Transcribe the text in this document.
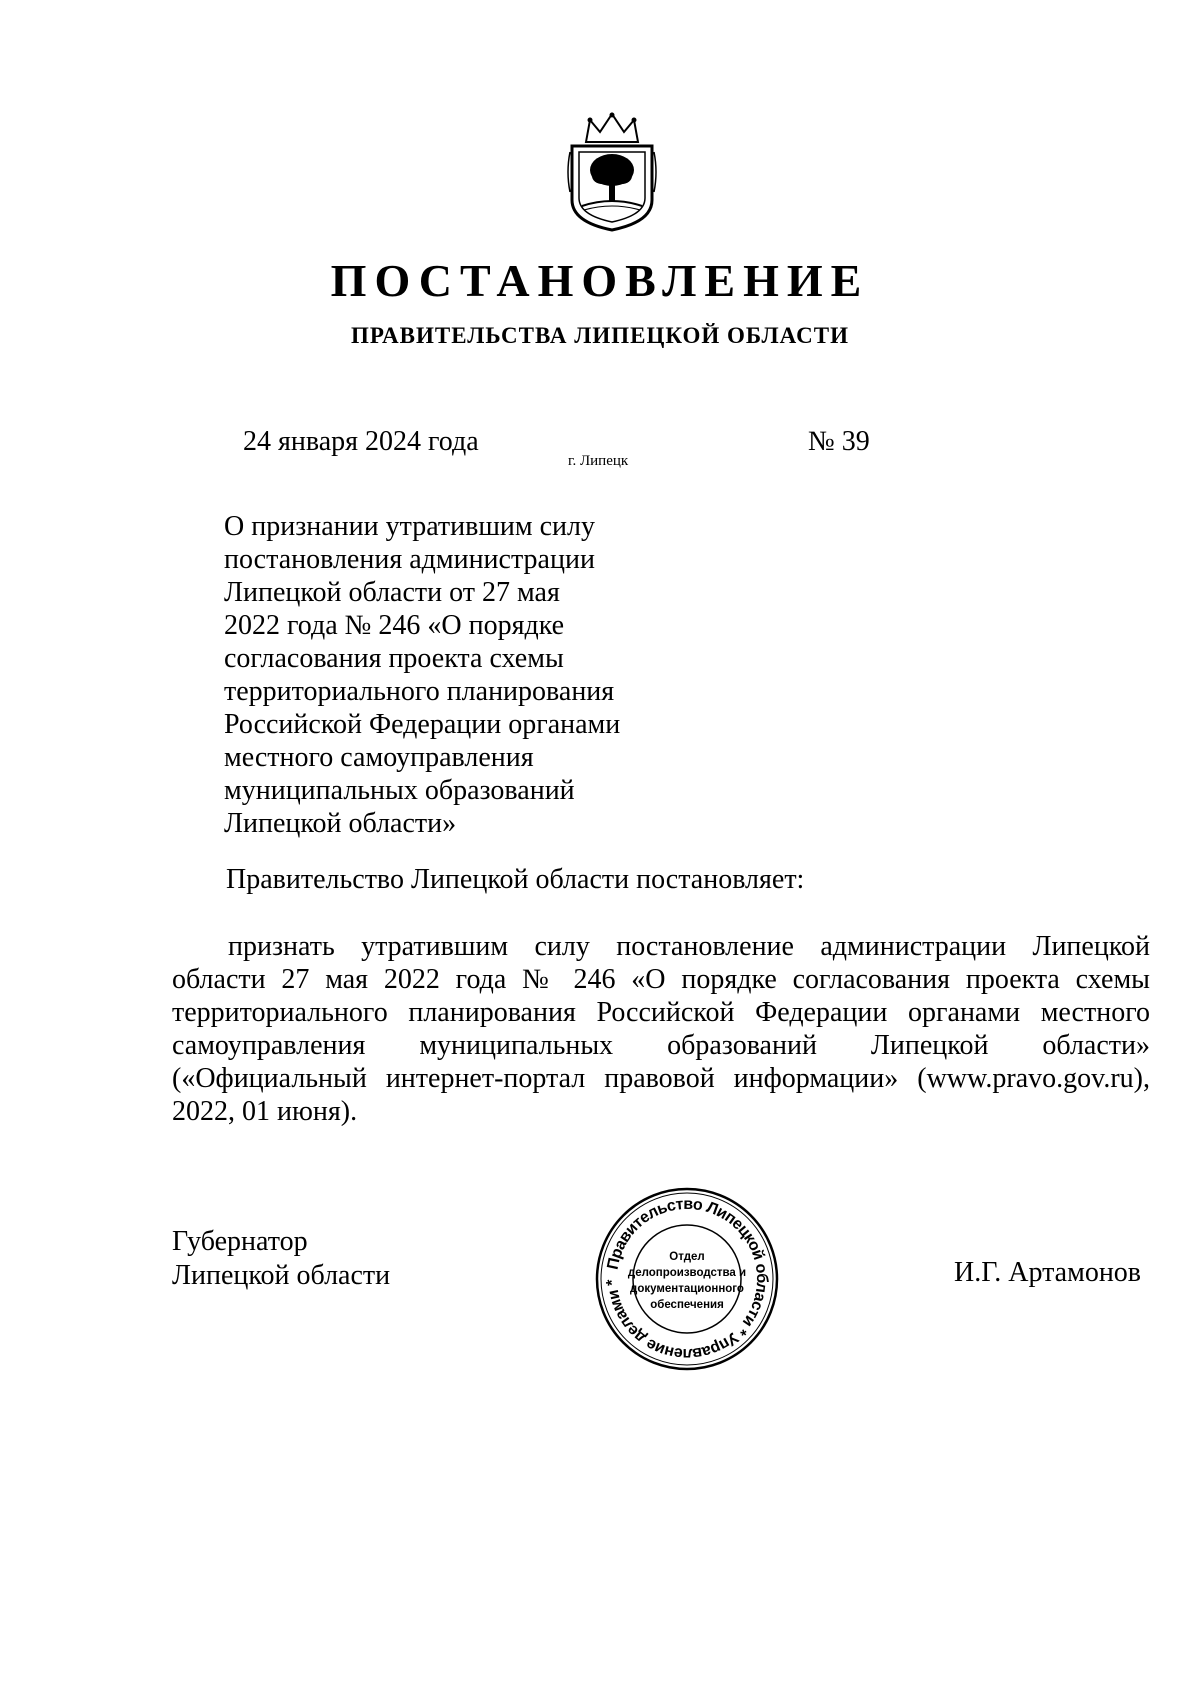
ПОСТАНОВЛЕНИЕ
ПРАВИТЕЛЬСТВА ЛИПЕЦКОЙ ОБЛАСТИ
24 января 2024 года
г. Липецк
№ 39
О признании утратившим силу
постановления администрации
Липецкой области от 27 мая
2022 года № 246 «О порядке
согласования проекта схемы
территориального планирования
Российской Федерации органами
местного самоуправления
муниципальных образований
Липецкой области»
Правительство Липецкой области постановляет:
признать утратившим силу постановление администрации Липецкой
области 27 мая 2022 года № 246 «О порядке согласования проекта схемы
территориального планирования Российской Федерации органами местного
самоуправления муниципальных образований Липецкой области»
(«Официальный интернет-портал правовой информации» (www.pravo.gov.ru),
2022, 01 июня).
Губернатор
Липецкой области	И.Г. Артамонов
Правительство Липецкой области * Управление делами *
Отдел
делопроизводства и
документационного
обеспечения
